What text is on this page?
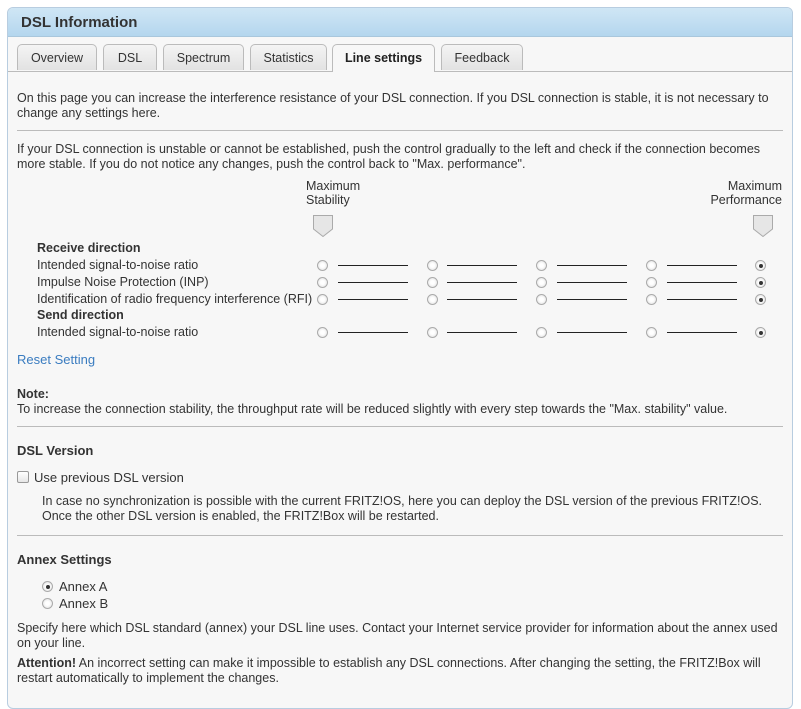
DSL Information
Overview	DSL	Spectrum	Statistics	Line settings	Feedback
On this page you can increase the interference resistance of your DSL connection. If you DSL connection is stable, it is not necessary to change any settings here.
If your DSL connection is unstable or cannot be established, push the control gradually to the left and check if the connection becomes more stable. If you do not notice any changes, push the control back to "Max. performance".
Maximum
Stability
Maximum
Performance
Receive direction
Intended signal-to-noise ratio
Impulse Noise Protection (INP)
Identification of radio frequency interference (RFI)
Send direction
Intended signal-to-noise ratio
Reset Setting
Note:
To increase the connection stability, the throughput rate will be reduced slightly with every step towards the "Max. stability" value.
DSL Version
Use previous DSL version
In case no synchronization is possible with the current FRITZ!OS, here you can deploy the DSL version of the previous FRITZ!OS. Once the other DSL version is enabled, the FRITZ!Box will be restarted.
Annex Settings
Annex A
Annex B
Specify here which DSL standard (annex) your DSL line uses. Contact your Internet service provider for information about the annex used on your line.
Attention! An incorrect setting can make it impossible to establish any DSL connections. After changing the setting, the FRITZ!Box will restart automatically to implement the changes.
